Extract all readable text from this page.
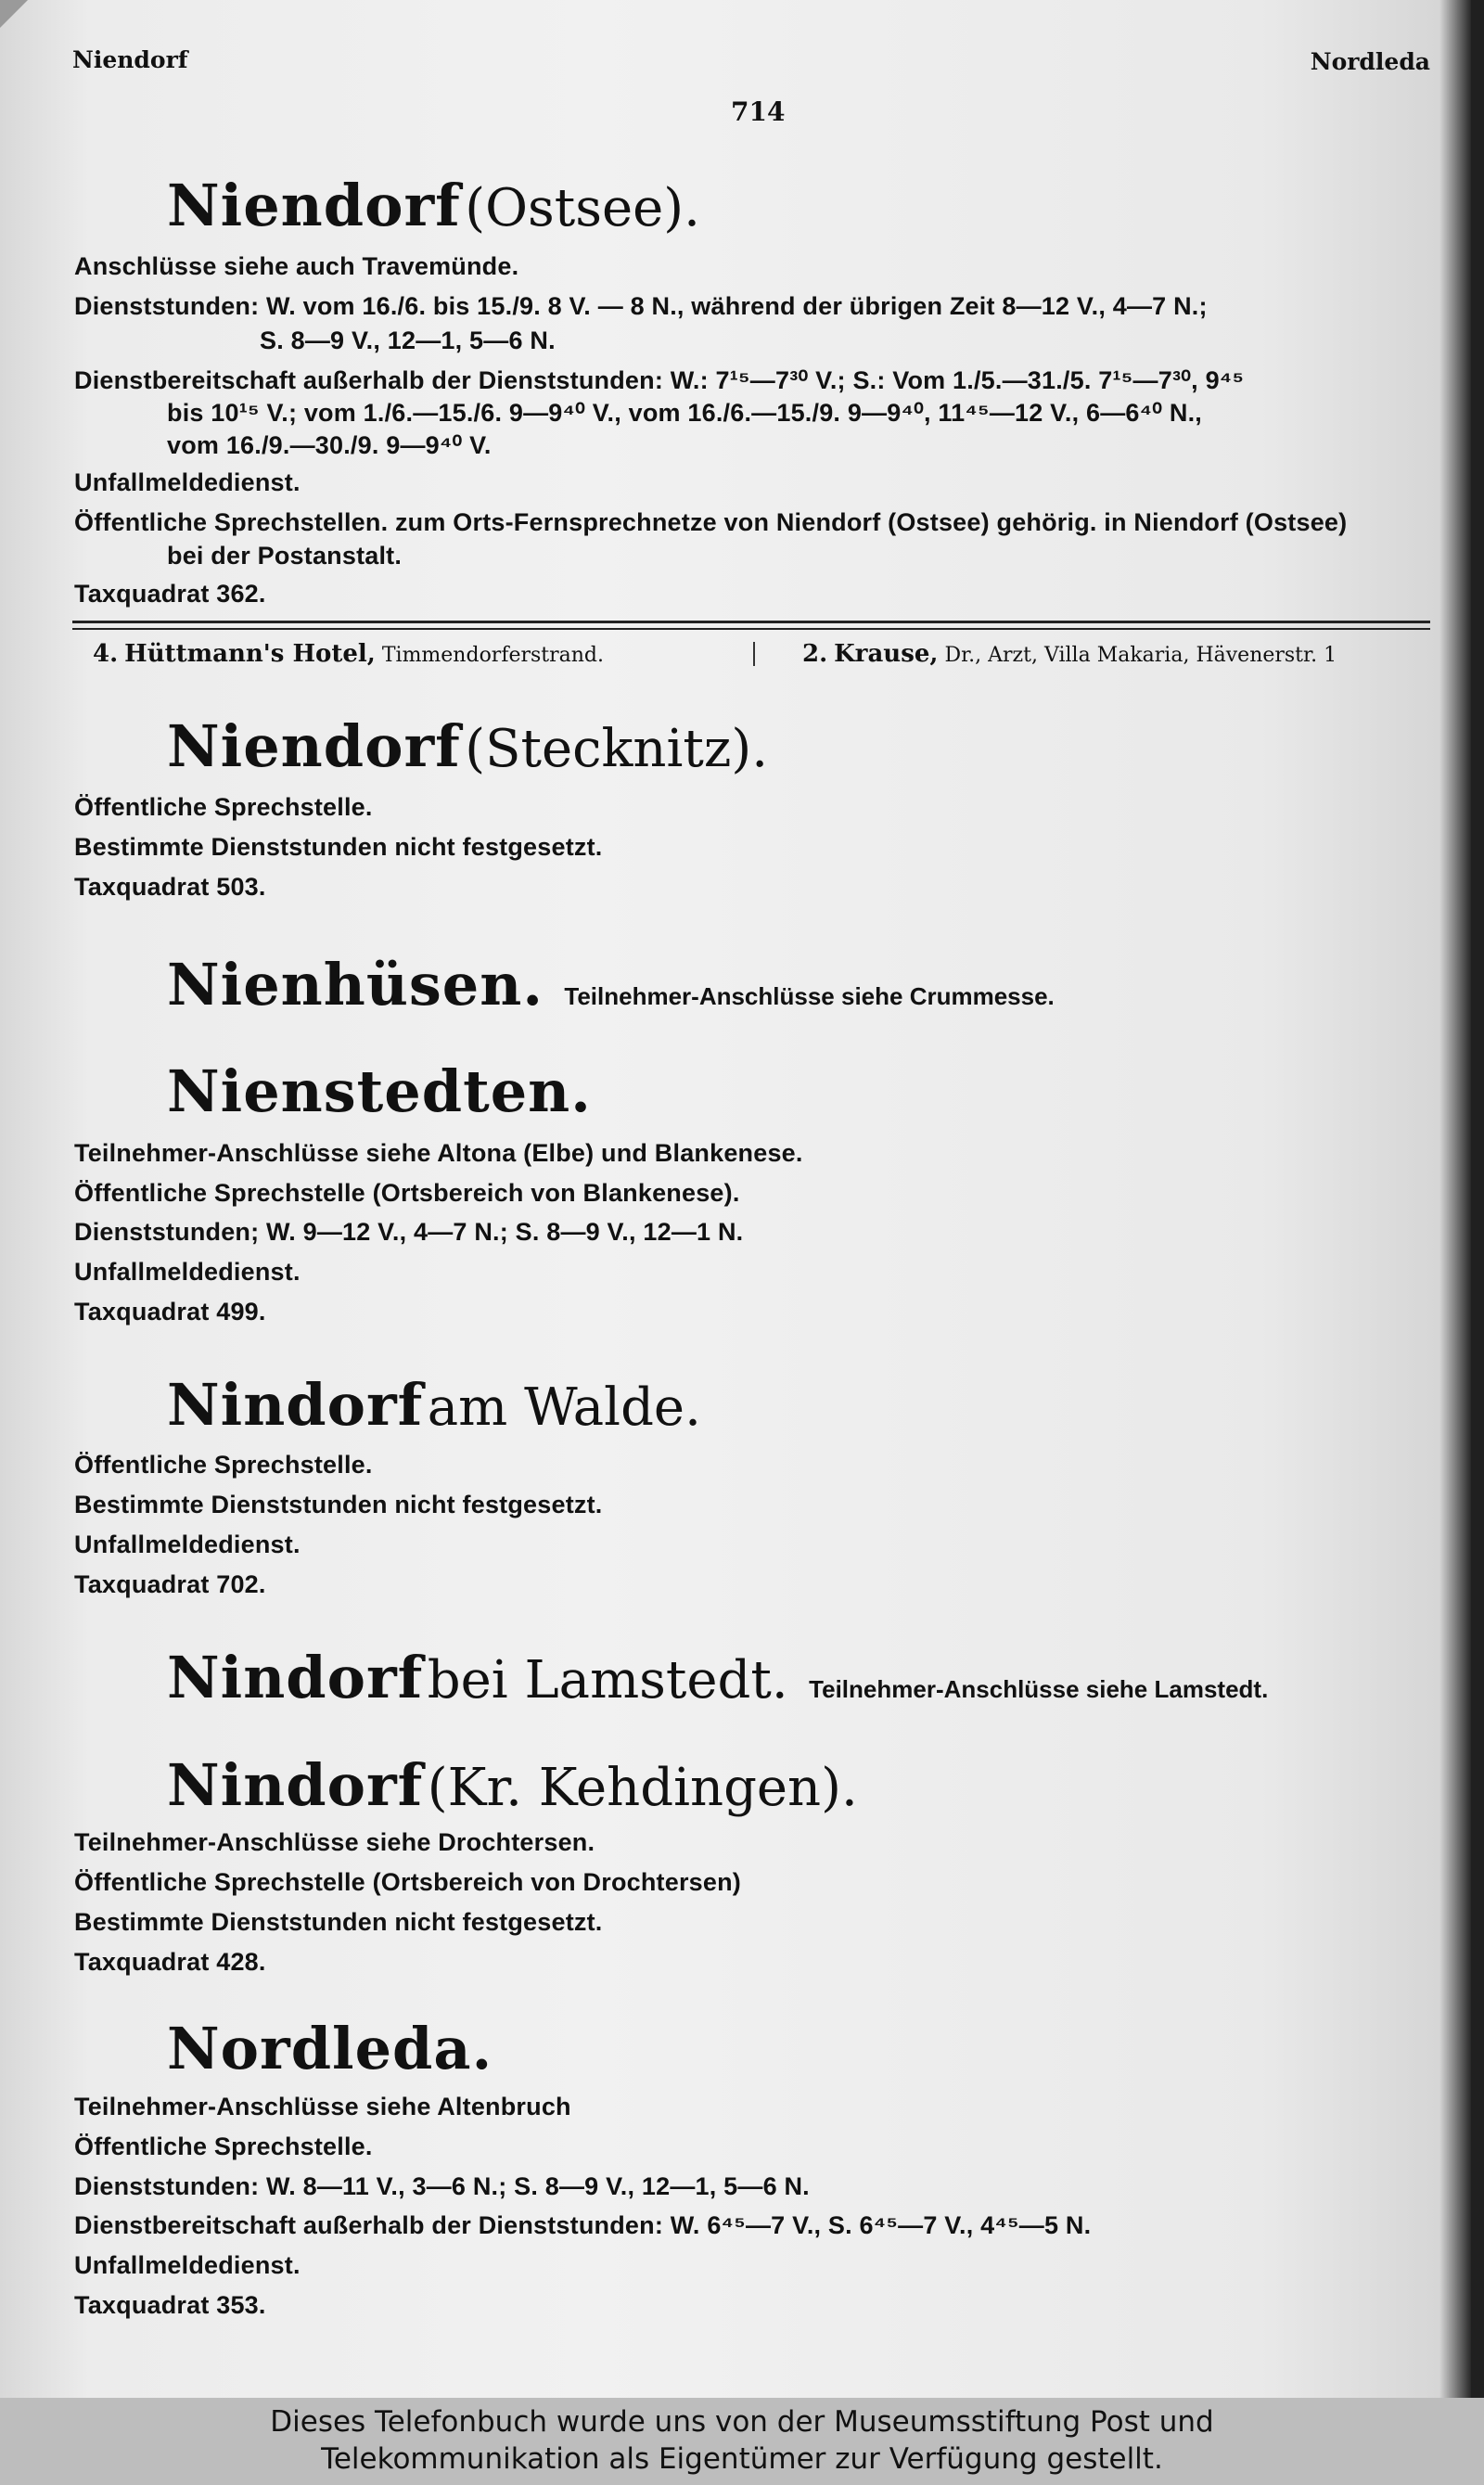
Niendorf	Nordleda
714
Niendorf (Ostsee).
Anschlüsse siehe auch Travemünde.
Dienststunden: W. vom 16./6. bis 15./9. 8 V. — 8 N., während der übrigen Zeit 8—12 V., 4—7 N.;
S. 8—9 V., 12—1, 5—6 N.
Dienstbereitschaft außerhalb der Dienststunden: W.: 7¹⁵—7³⁰ V.; S.: Vom 1./5.—31./5. 7¹⁵—7³⁰, 9⁴⁵
bis 10¹⁵ V.; vom 1./6.—15./6. 9—9⁴⁰ V., vom 16./6.—15./9. 9—9⁴⁰, 11⁴⁵—12 V., 6—6⁴⁰ N.,
vom 16./9.—30./9. 9—9⁴⁰ V.
Unfallmeldedienst.
Öffentliche Sprechstellen. zum Orts-Fernsprechnetze von Niendorf (Ostsee) gehörig. in Niendorf (Ostsee)
bei der Postanstalt.
Taxquadrat 362.
4. Hüttmann's Hotel, Timmendorferstrand.	2. Krause, Dr., Arzt, Villa Makaria, Hävenerstr. 1
Niendorf (Stecknitz).
Öffentliche Sprechstelle.
Bestimmte Dienststunden nicht festgesetzt.
Taxquadrat 503.
Nienhüsen. Teilnehmer-Anschlüsse siehe Crummesse.
Nienstedten.
Teilnehmer-Anschlüsse siehe Altona (Elbe) und Blankenese.
Öffentliche Sprechstelle (Ortsbereich von Blankenese).
Dienststunden; W. 9—12 V., 4—7 N.; S. 8—9 V., 12—1 N.
Unfallmeldedienst.
Taxquadrat 499.
Nindorf am Walde.
Öffentliche Sprechstelle.
Bestimmte Dienststunden nicht festgesetzt.
Unfallmeldedienst.
Taxquadrat 702.
Nindorf bei Lamstedt. Teilnehmer-Anschlüsse siehe Lamstedt.
Nindorf (Kr. Kehdingen).
Teilnehmer-Anschlüsse siehe Drochtersen.
Öffentliche Sprechstelle (Ortsbereich von Drochtersen)
Bestimmte Dienststunden nicht festgesetzt.
Taxquadrat 428.
Nordleda.
Teilnehmer-Anschlüsse siehe Altenbruch
Öffentliche Sprechstelle.
Dienststunden: W. 8—11 V., 3—6 N.; S. 8—9 V., 12—1, 5—6 N.
Dienstbereitschaft außerhalb der Dienststunden: W. 6⁴⁵—7 V., S. 6⁴⁵—7 V., 4⁴⁵—5 N.
Unfallmeldedienst.
Taxquadrat 353.
Dieses Telefonbuch wurde uns von der Museumsstiftung Post und
Telekommunikation als Eigentümer zur Verfügung gestellt.
